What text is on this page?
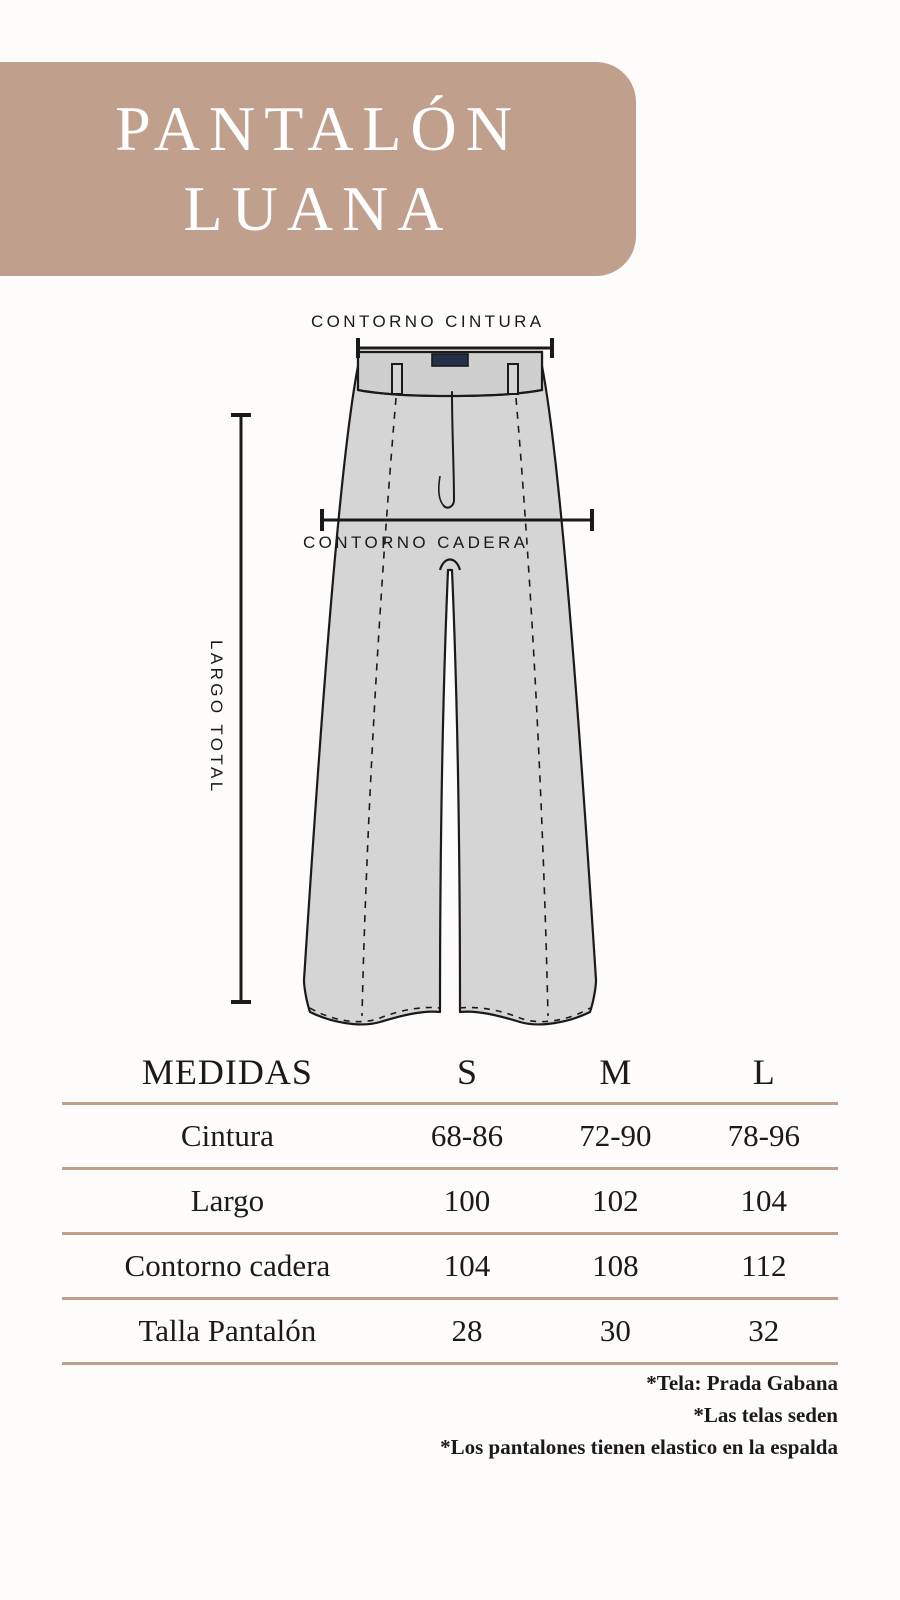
PANTALÓN
LUANA
CONTORNO CINTURA
CONTORNO CADERA
LARGO TOTAL
MEDIDAS	S	M	L
Cintura	68-86	72-90	78-96
Largo	100	102	104
Contorno cadera	104	108	112
Talla Pantalón	28	30	32
*Tela: Prada Gabana
*Las telas seden
*Los pantalones tienen elastico en la espalda
